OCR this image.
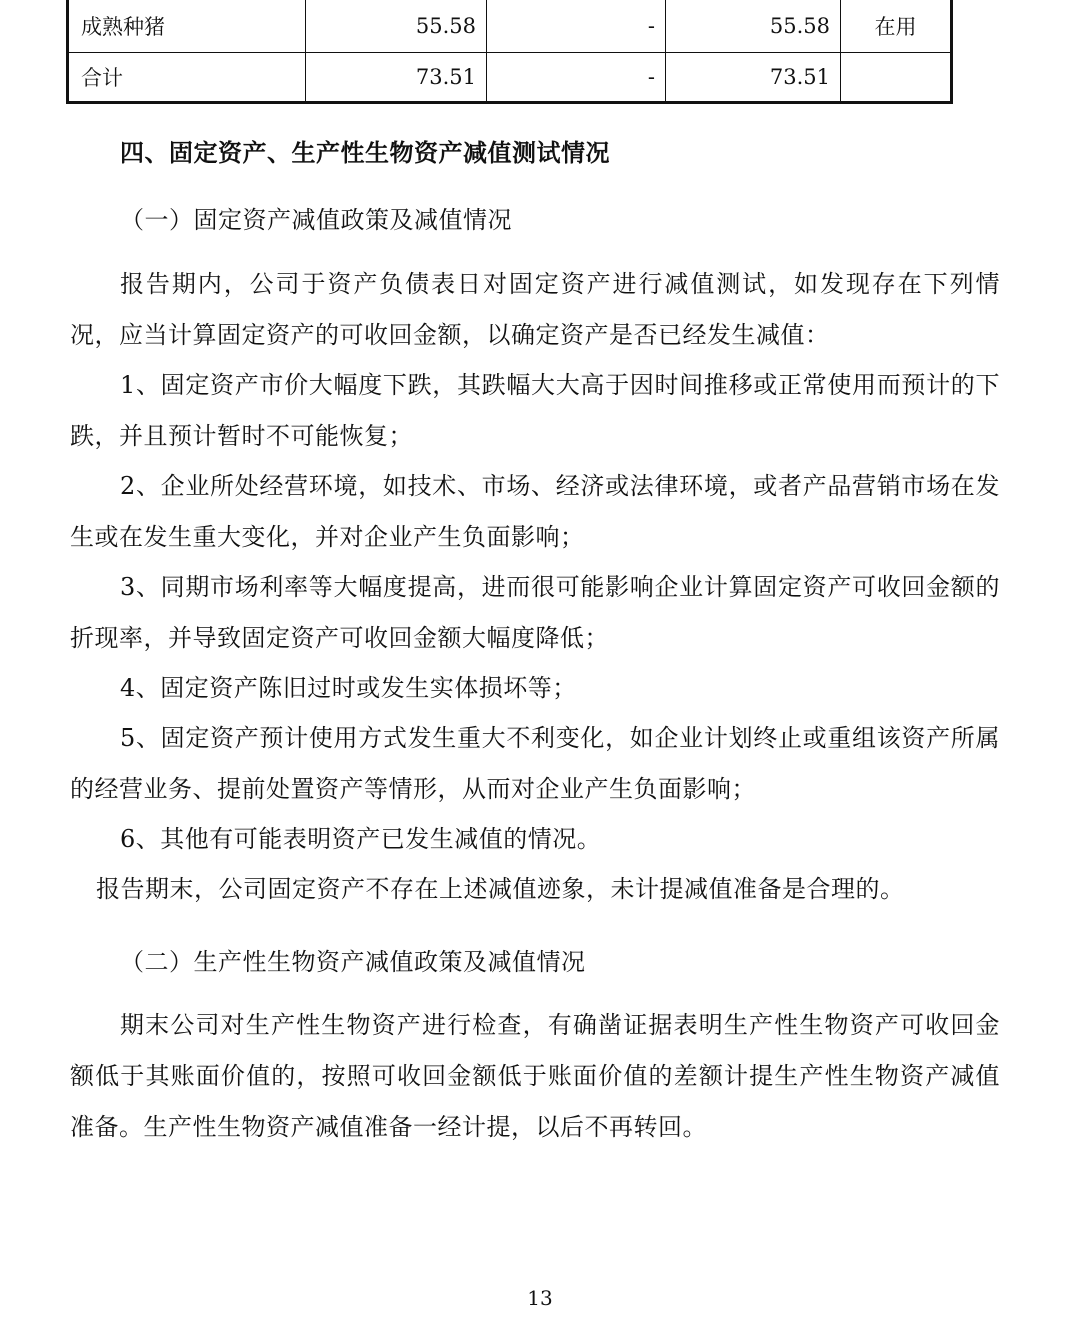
成熟种猪	55.58	-	55.58	在用
合计	73.51	-	73.51	
四、固定资产、生产性生物资产减值测试情况
（一）固定资产减值政策及减值情况

报告期内，公司于资产负债表日对固定资产进行减值测试，如发现存在下列情况，应当计算固定资产的可收回金额，以确定资产是否已经发生减值：

1、固定资产市价大幅度下跌，其跌幅大大高于因时间推移或正常使用而预计的下跌，并且预计暂时不可能恢复；

2、企业所处经营环境，如技术、市场、经济或法律环境，或者产品营销市场在发生或在发生重大变化，并对企业产生负面影响；

3、同期市场利率等大幅度提高，进而很可能影响企业计算固定资产可收回金额的折现率，并导致固定资产可收回金额大幅度降低；

4、固定资产陈旧过时或发生实体损坏等；

5、固定资产预计使用方式发生重大不利变化，如企业计划终止或重组该资产所属的经营业务、提前处置资产等情形，从而对企业产生负面影响；

6、其他有可能表明资产已发生减值的情况。

报告期末，公司固定资产不存在上述减值迹象，未计提减值准备是合理的。

（二）生产性生物资产减值政策及减值情况

期末公司对生产性生物资产进行检查，有确凿证据表明生产性生物资产可收回金额低于其账面价值的，按照可收回金额低于账面价值的差额计提生产性生物资产减值准备。生产性生物资产减值准备一经计提，以后不再转回。

13
